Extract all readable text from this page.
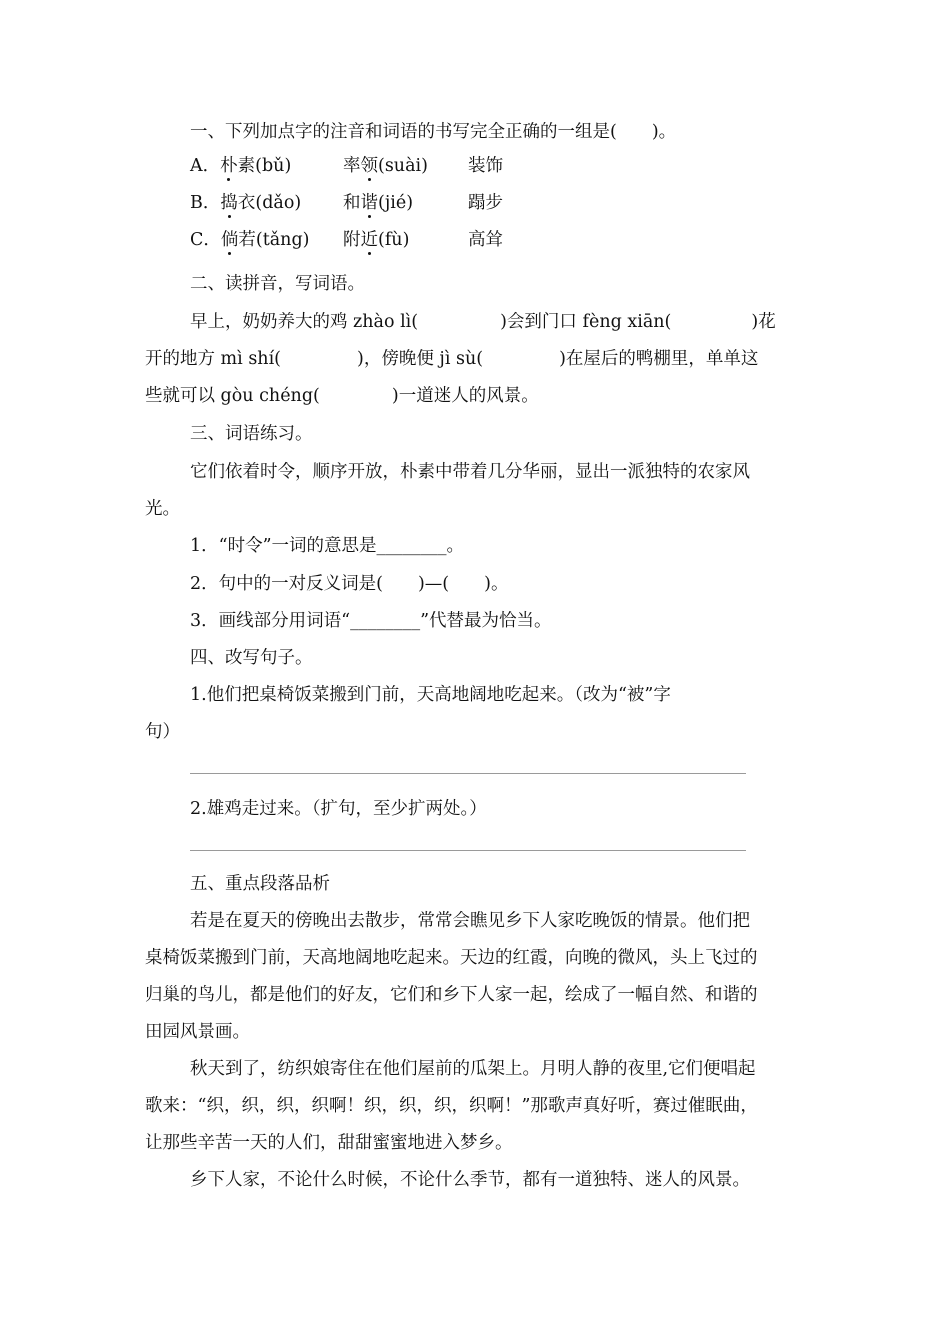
一、下列加点字的注音和词语的书写完全正确的一组是(　　)。
A．朴素(bǔ)	率领(suài) 装饰
B．捣衣(dǎo) 和谐(jié)	蹋步
C．倘若(tǎng) 附近(fù)	高耸
二、读拼音，写词语。
早上，奶奶养大的鸡 zhào lì(	)会到门口 fèng xiān(	)花
开的地方 mì shí(	)，傍晚便 jì sù(	)在屋后的鸭棚里，单单这
些就可以 gòu chéng(	)一道迷人的风景。
三、词语练习。
它们依着时令，顺序开放，朴素中带着几分华丽，显出一派独特的农家风
光。
1．“时令”一词的意思是________。
2．句中的一对反义词是(　　)—(　　)。
3．画线部分用词语“________”代替最为恰当。
四、改写句子。
1.他们把桌椅饭菜搬到门前，天高地阔地吃起来。（改为“被”字
句）
2.雄鸡走过来。（扩句，至少扩两处。）
五、重点段落品析
若是在夏天的傍晚出去散步，常常会瞧见乡下人家吃晚饭的情景。他们把
桌椅饭菜搬到门前，天高地阔地吃起来。天边的红霞，向晚的微风，头上飞过的
归巢的鸟儿，都是他们的好友，它们和乡下人家一起，绘成了一幅自然、和谐的
田园风景画。
秋天到了，纺织娘寄住在他们屋前的瓜架上。月明人静的夜里,它们便唱起
歌来：“织，织，织，织啊！织，织，织，织啊！”那歌声真好听，赛过催眠曲，
让那些辛苦一天的人们，甜甜蜜蜜地进入梦乡。
乡下人家，不论什么时候，不论什么季节，都有一道独特、迷人的风景。
